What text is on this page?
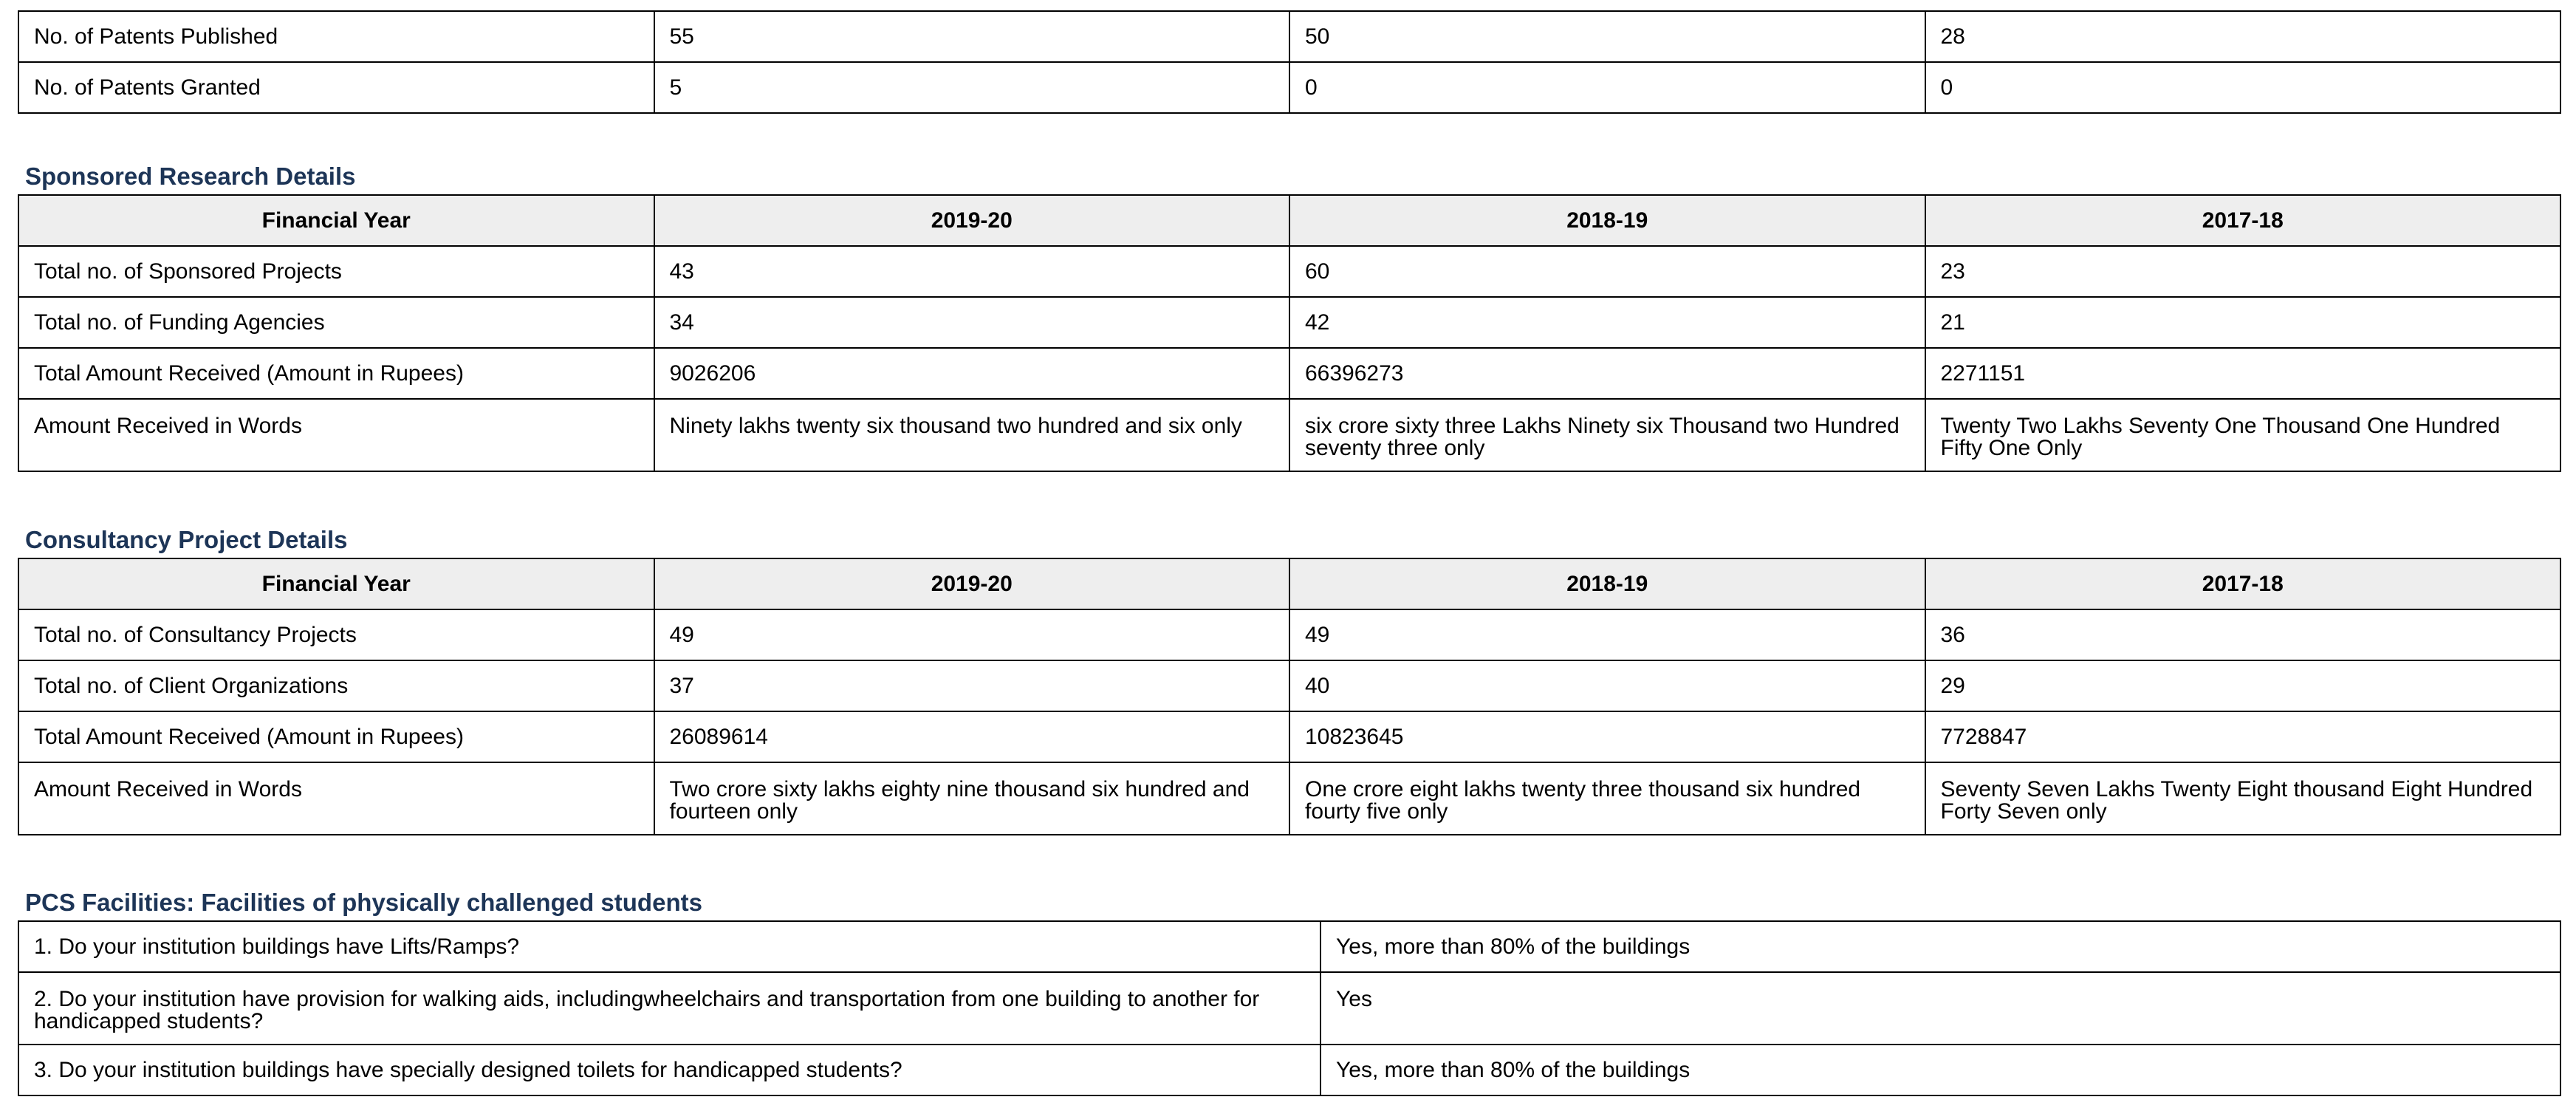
No. of Patents Published	55	50	28
No. of Patents Granted	5	0	0
Sponsored Research Details
Financial Year	2019-20	2018-19	2017-18
Total no. of Sponsored Projects	43	60	23
Total no. of Funding Agencies	34	42	21
Total Amount Received (Amount in Rupees)	9026206	66396273	2271151
Amount Received in Words	Ninety lakhs twenty six thousand two hundred and six only	six crore sixty three Lakhs Ninety six Thousand two Hundred seventy three only	Twenty Two Lakhs Seventy One Thousand One Hundred Fifty One Only
Consultancy Project Details
Financial Year	2019-20	2018-19	2017-18
Total no. of Consultancy Projects	49	49	36
Total no. of Client Organizations	37	40	29
Total Amount Received (Amount in Rupees)	26089614	10823645	7728847
Amount Received in Words	Two crore sixty lakhs eighty nine thousand six hundred and fourteen only	One crore eight lakhs twenty three thousand six hundred fourty five only	Seventy Seven Lakhs Twenty Eight thousand Eight Hundred Forty Seven only
PCS Facilities: Facilities of physically challenged students
1. Do your institution buildings have Lifts/Ramps?	Yes, more than 80% of the buildings
2. Do your institution have provision for walking aids, includingwheelchairs and transportation from one building to another for handicapped students?	Yes
3. Do your institution buildings have specially designed toilets for handicapped students?	Yes, more than 80% of the buildings
